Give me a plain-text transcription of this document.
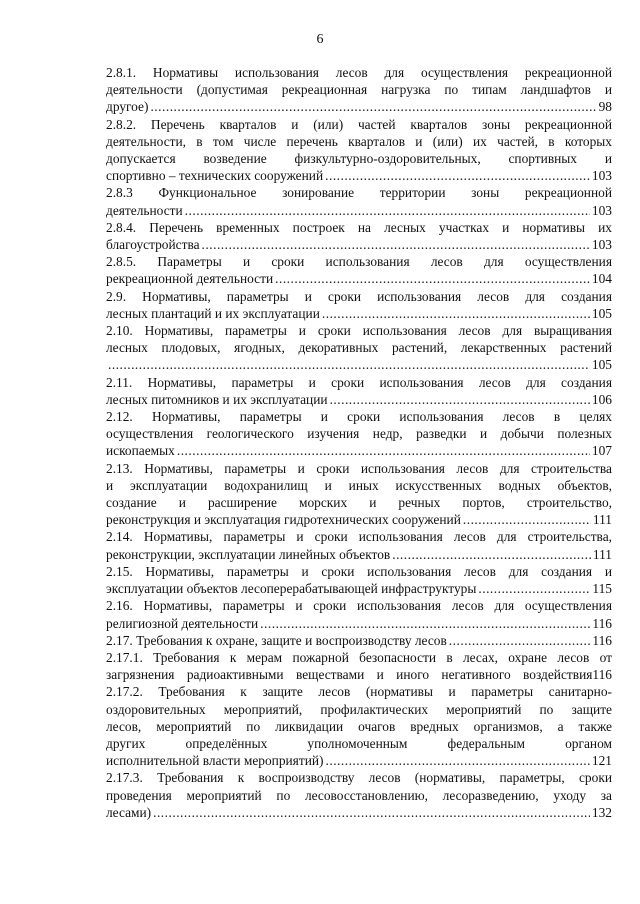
6
2.8.1. Нормативы использования лесов для осуществления рекреационной
деятельности (допустимая рекреационная нагрузка по типам ландшафтов и
другое) .....	98
2.8.2. Перечень кварталов и (или) частей кварталов зоны рекреационной
деятельности, в том числе перечень кварталов и (или) их частей, в которых
допускается возведение физкультурно-оздоровительных, спортивных и
спортивно – технических сооружений .....	103
2.8.3 Функциональное зонирование территории зоны рекреационной
деятельности .....	103
2.8.4. Перечень временных построек на лесных участках и нормативы их
благоустройства .....	103
2.8.5. Параметры и сроки использования лесов для осуществления
рекреационной деятельности .....	104
2.9. Нормативы, параметры и сроки использования лесов для создания
лесных плантаций и их эксплуатации .....	105
2.10. Нормативы, параметры и сроки использования лесов для выращивания
лесных плодовых, ягодных, декоративных растений, лекарственных растений
.....
105
2.11. Нормативы, параметры и сроки использования лесов для создания
лесных питомников и их эксплуатации .....	106
2.12. Нормативы, параметры и сроки использования лесов в целях
осуществления геологического изучения недр, разведки и добычи полезных
ископаемых .....	107
2.13. Нормативы, параметры и сроки использования лесов для строительства
и эксплуатации водохранилищ и иных искусственных водных объектов,
создание и расширение морских и речных портов, строительство,
реконструкция и эксплуатация гидротехнических сооружений .....	111
2.14. Нормативы, параметры и сроки использования лесов для строительства,
реконструкции, эксплуатации линейных объектов .....	111
2.15. Нормативы, параметры и сроки использования лесов для создания и
эксплуатации объектов лесоперерабатывающей инфраструктуры .....	115
2.16. Нормативы, параметры и сроки использования лесов для осуществления
религиозной деятельности .....	116
2.17. Требования к охране, защите и воспроизводству лесов .....	116
2.17.1. Требования к мерам пожарной безопасности в лесах, охране лесов от
загрязнения радиоактивными веществами и иного негативного воздействия116
2.17.2. Требования к защите лесов (нормативы и параметры санитарно-
оздоровительных мероприятий, профилактических мероприятий по защите
лесов, мероприятий по ликвидации очагов вредных организмов, а также
других определённых уполномоченным федеральным органом
исполнительной власти мероприятий) .....	121
2.17.3. Требования к воспроизводству лесов (нормативы, параметры, сроки
проведения мероприятий по лесовосстановлению, лесоразведению, уходу за
лесами) .....	132
